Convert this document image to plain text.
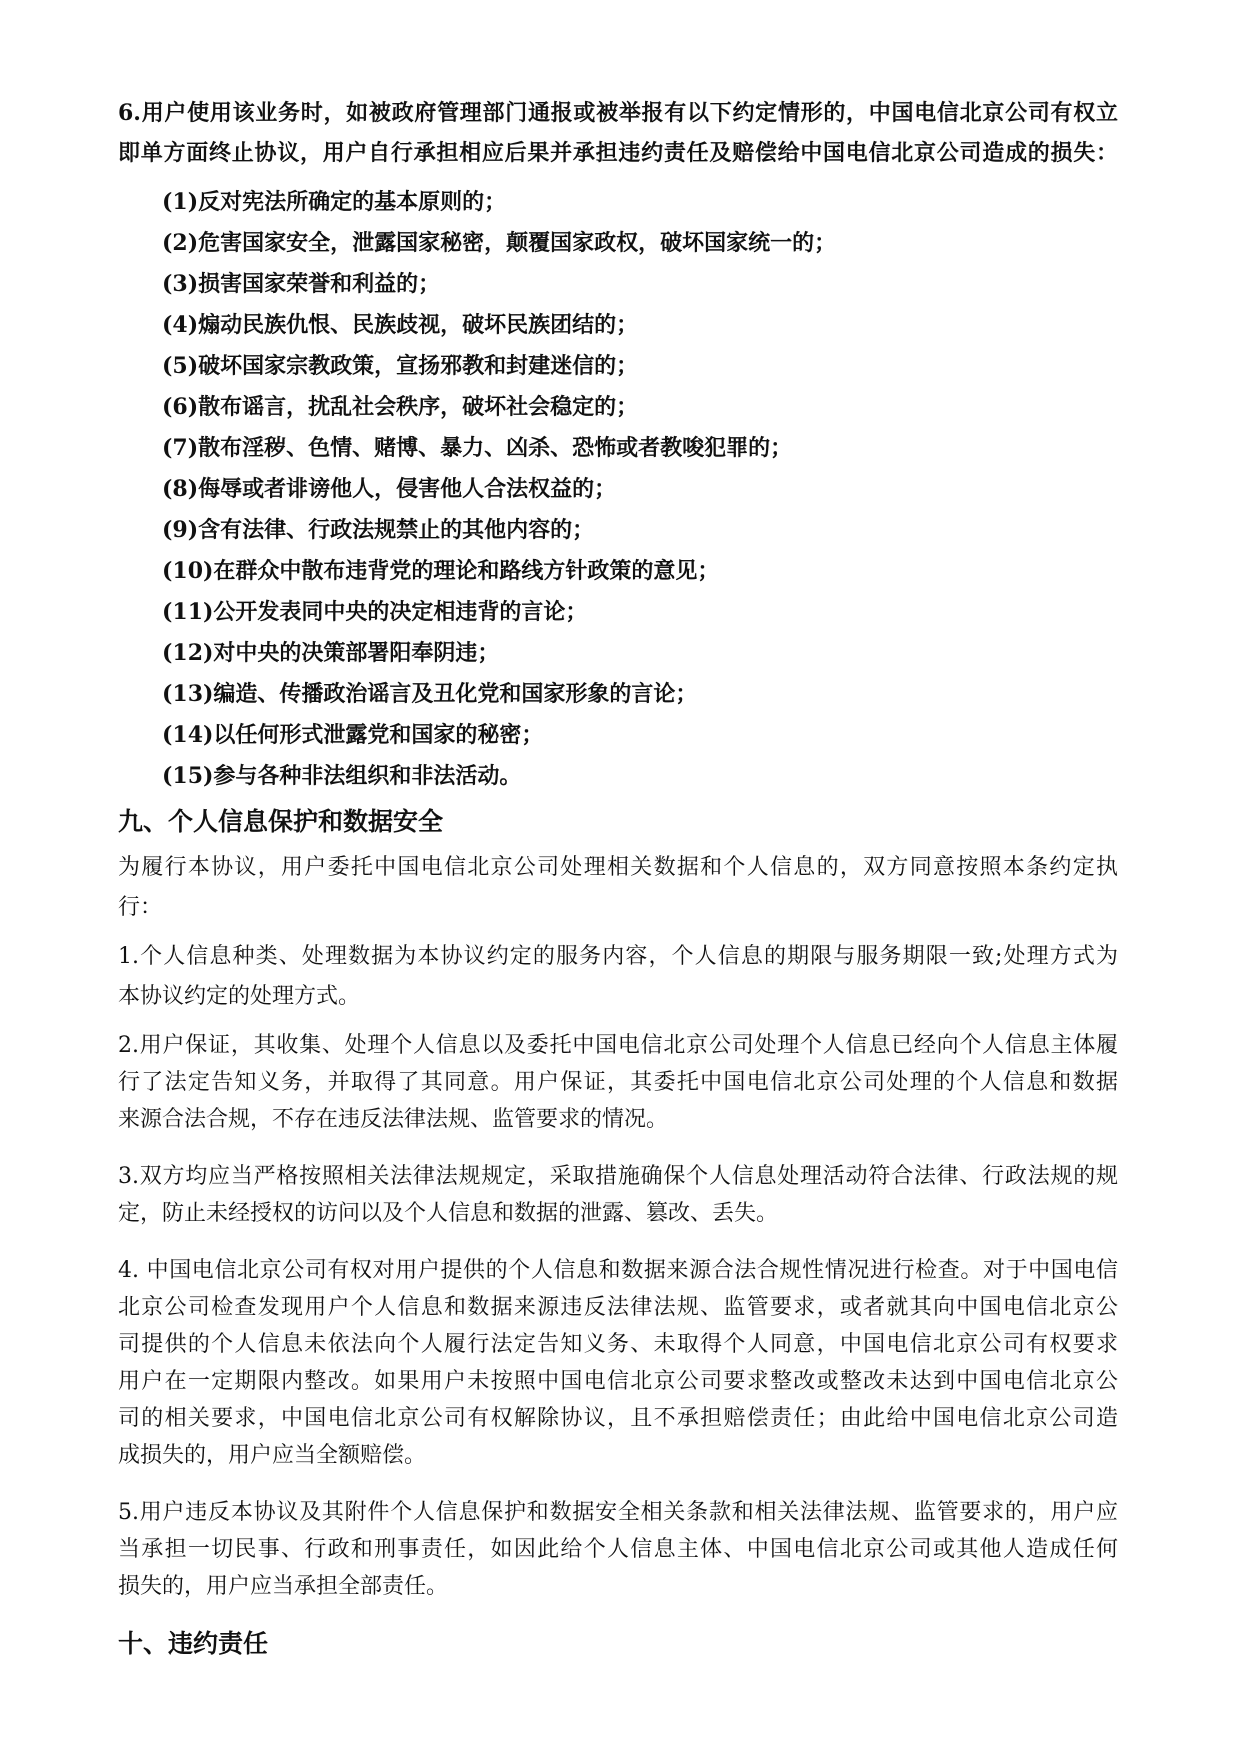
6.用户使用该业务时，如被政府管理部门通报或被举报有以下约定情形的，中国电信北京公司有权立
即单方面终止协议，用户自行承担相应后果并承担违约责任及赔偿给中国电信北京公司造成的损失：
(1)反对宪法所确定的基本原则的；
(2)危害国家安全，泄露国家秘密，颠覆国家政权，破坏国家统一的；
(3)损害国家荣誉和利益的；
(4)煽动民族仇恨、民族歧视，破坏民族团结的；
(5)破坏国家宗教政策，宣扬邪教和封建迷信的；
(6)散布谣言，扰乱社会秩序，破坏社会稳定的；
(7)散布淫秽、色情、赌博、暴力、凶杀、恐怖或者教唆犯罪的；
(8)侮辱或者诽谤他人，侵害他人合法权益的；
(9)含有法律、行政法规禁止的其他内容的；
(10)在群众中散布违背党的理论和路线方针政策的意见；
(11)公开发表同中央的决定相违背的言论；
(12)对中央的决策部署阳奉阴违；
(13)编造、传播政治谣言及丑化党和国家形象的言论；
(14)以任何形式泄露党和国家的秘密；
(15)参与各种非法组织和非法活动。
九、个人信息保护和数据安全
为履行本协议，用户委托中国电信北京公司处理相关数据和个人信息的，双方同意按照本条约定执
行：
1.个人信息种类、处理数据为本协议约定的服务内容，个人信息的期限与服务期限一致;处理方式为
本协议约定的处理方式。
2.用户保证，其收集、处理个人信息以及委托中国电信北京公司处理个人信息已经向个人信息主体履
行了法定告知义务，并取得了其同意。用户保证，其委托中国电信北京公司处理的个人信息和数据
来源合法合规，不存在违反法律法规、监管要求的情况。
3.双方均应当严格按照相关法律法规规定，采取措施确保个人信息处理活动符合法律、行政法规的规
定，防止未经授权的访问以及个人信息和数据的泄露、篡改、丢失。
4. 中国电信北京公司有权对用户提供的个人信息和数据来源合法合规性情况进行检查。对于中国电信
北京公司检查发现用户个人信息和数据来源违反法律法规、监管要求，或者就其向中国电信北京公
司提供的个人信息未依法向个人履行法定告知义务、未取得个人同意，中国电信北京公司有权要求
用户在一定期限内整改。如果用户未按照中国电信北京公司要求整改或整改未达到中国电信北京公
司的相关要求，中国电信北京公司有权解除协议，且不承担赔偿责任；由此给中国电信北京公司造
成损失的，用户应当全额赔偿。
5.用户违反本协议及其附件个人信息保护和数据安全相关条款和相关法律法规、监管要求的，用户应
当承担一切民事、行政和刑事责任，如因此给个人信息主体、中国电信北京公司或其他人造成任何
损失的，用户应当承担全部责任。
十、违约责任
